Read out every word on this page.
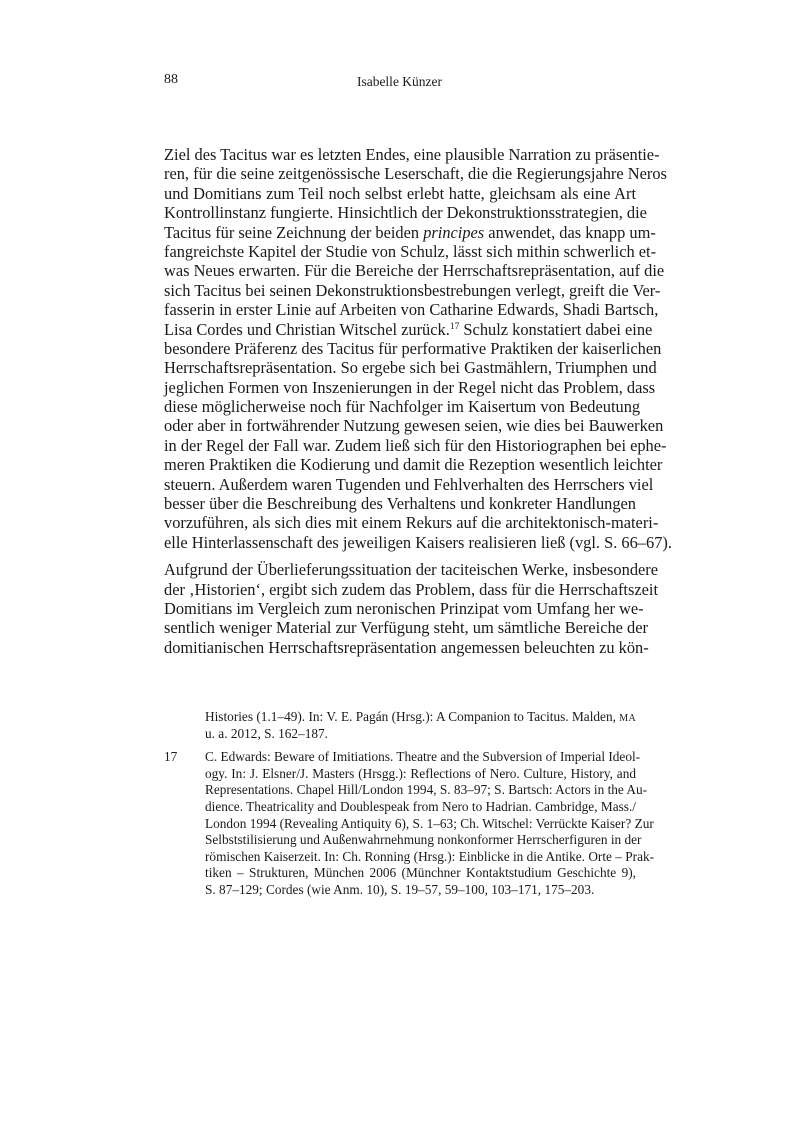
88	Isabelle Künzer
Ziel des Tacitus war es letzten Endes, eine plausible Narration zu präsentie-
ren, für die seine zeitgenössische Leserschaft, die die Regierungsjahre Neros
und Domitians zum Teil noch selbst erlebt hatte, gleichsam als eine Art
Kontrollinstanz fungierte. Hinsichtlich der Dekonstruktionsstrategien, die
Tacitus für seine Zeichnung der beiden principes anwendet, das knapp um-
fangreichste Kapitel der Studie von Schulz, lässt sich mithin schwerlich et-
was Neues erwarten. Für die Bereiche der Herrschaftsrepräsentation, auf die
sich Tacitus bei seinen Dekonstruktionsbestrebungen verlegt, greift die Ver-
fasserin in erster Linie auf Arbeiten von Catharine Edwards, Shadi Bartsch,
Lisa Cordes und Christian Witschel zurück.$^{17}$ Schulz konstatiert dabei eine
besondere Präferenz des Tacitus für performative Praktiken der kaiserlichen
Herrschaftsrepräsentation. So ergebe sich bei Gastmählern, Triumphen und
jeglichen Formen von Inszenierungen in der Regel nicht das Problem, dass
diese möglicherweise noch für Nachfolger im Kaisertum von Bedeutung
oder aber in fortwährender Nutzung gewesen seien, wie dies bei Bauwerken
in der Regel der Fall war. Zudem ließ sich für den Historiographen bei ephe-
meren Praktiken die Kodierung und damit die Rezeption wesentlich leichter
steuern. Außerdem waren Tugenden und Fehlverhalten des Herrschers viel
besser über die Beschreibung des Verhaltens und konkreter Handlungen
vorzuführen, als sich dies mit einem Rekurs auf die architektonisch-materi-
elle Hinterlassenschaft des jeweiligen Kaisers realisieren ließ (vgl. S. 66–67).
Aufgrund der Überlieferungssituation der taciteischen Werke, insbesondere
der ‚Historien‘, ergibt sich zudem das Problem, dass für die Herrschaftszeit
Domitians im Vergleich zum neronischen Prinzipat vom Umfang her we-
sentlich weniger Material zur Verfügung steht, um sämtliche Bereiche der
domitianischen Herrschaftsrepräsentation angemessen beleuchten zu kön-
Histories (1.1–49). In: V. E. Pagán (Hrsg.): A Companion to Tacitus. Malden, MA
u. a. 2012, S. 162–187.
17 C. Edwards: Beware of Imitiations. Theatre and the Subversion of Imperial Ideol-
ogy. In: J. Elsner/J. Masters (Hrsgg.): Reflections of Nero. Culture, History, and
Representations. Chapel Hill/London 1994, S. 83–97; S. Bartsch: Actors in the Au-
dience. Theatricality and Doublespeak from Nero to Hadrian. Cambridge, Mass./
London 1994 (Revealing Antiquity 6), S. 1–63; Ch. Witschel: Verrückte Kaiser? Zur
Selbststilisierung und Außenwahrnehmung nonkonformer Herrscherfiguren in der
römischen Kaiserzeit. In: Ch. Ronning (Hrsg.): Einblicke in die Antike. Orte – Prak-
tiken – Strukturen, München 2006 (Münchner Kontaktstudium Geschichte 9),
S. 87–129; Cordes (wie Anm. 10), S. 19–57, 59–100, 103–171, 175–203.
